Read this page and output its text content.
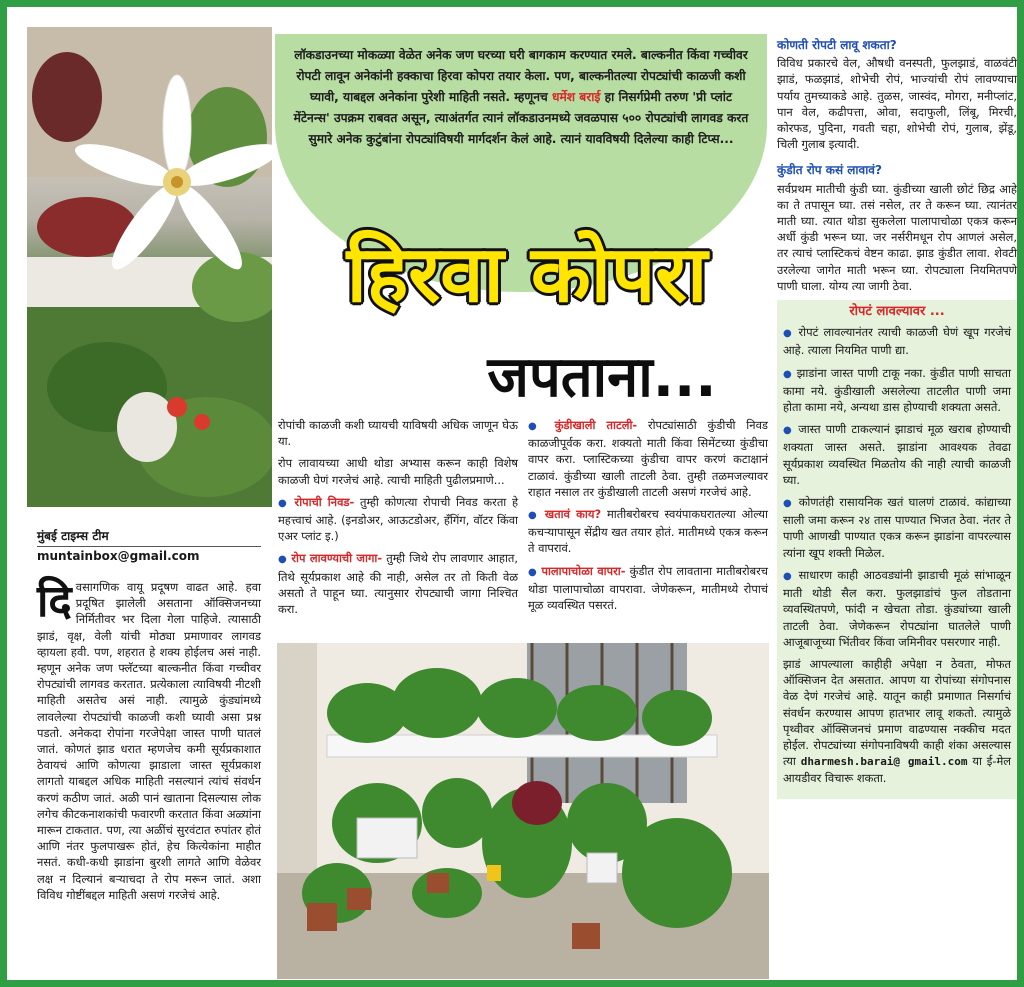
लॉकडाउनच्या मोकळ्या वेळेत अनेक जण घरच्या घरी बागकाम करण्यात रमले. बाल्कनीत किंवा गच्चीवर रोपटी लावून अनेकांनी हक्काचा हिरवा कोपरा तयार केला. पण, बाल्कनीतल्या रोपट्यांची काळजी कशी घ्यावी, याबद्दल अनेकांना पुरेशी माहिती नसते. म्हणूनच धर्मेश बराई हा निसर्गप्रेमी तरुण 'प्री प्लांट मेंटेनन्स' उपक्रम राबवत असून, त्याअंतर्गत त्यानं लॉकडाउनमध्ये जवळपास ५०० रोपट्यांची लागवड करत सुमारे अनेक कुटुंबांना रोपट्यांविषयी मार्गदर्शन केलं आहे. त्यानं यावविषयी दिलेल्या काही टिप्स...
हिरवा कोपरा
जपताना...
मुंबई टाइम्स टीम
muntainbox@gmail.com
दि वसागणिक वायू प्रदूषण वाढत आहे. हवा प्रदूषित झालेली असताना ऑक्सिजनच्या निर्मितीवर भर दिला गेला पाहिजे. त्यासाठी झाडं, वृक्ष, वेली यांची मोठ्या प्रमाणावर लागवड व्हायला हवी. पण, शहरात हे शक्य होईलच असं नाही. म्हणून अनेक जण फ्लॅटच्या बाल्कनीत किंवा गच्चीवर रोपट्यांची लागवड करतात. प्रत्येकाला त्याविषयी नीटशी माहिती असतेच असं नाही. त्यामुळे कुंड्यांमध्ये लावलेल्या रोपट्यांची काळजी कशी घ्यावी असा प्रश्न पडतो. अनेकदा रोपांना गरजेपेक्षा जास्त पाणी घातलं जातं. कोणतं झाड धरात म्हणजेच कमी सूर्यप्रकाशात ठेवायचं आणि कोणत्या झाडाला जास्त सूर्यप्रकाश लागतो याबद्दल अधिक माहिती नसल्यानं त्यांचं संवर्धन करणं कठीण जातं. अळी पानं खाताना दिसल्यास लोक लगेच कीटकनाशकांची फवारणी करतात किंवा अळ्यांना मारून टाकतात. पण, त्या अळींचं सुरवंटात रुपांतर होतं आणि नंतर फुलपाखरू होतं, हेच कित्येकांना माहीत नसतं. कधी-कधी झाडांना बुरशी लागते आणि वेळेवर लक्ष न दिल्यानं बऱ्याचदा ते रोप मरून जातं. अशा विविध गोष्टींबद्दल माहिती असणं गरजेचं आहे.
रोपांची काळजी कशी घ्यायची याविषयी अधिक जाणून घेऊ या.
रोप लावायच्या आधी थोडा अभ्यास करून काही विशेष काळजी घेणं गरजेचं आहे. त्याची माहिती पुढीलप्रमाणे...
● रोपाची निवड- तुम्ही कोणत्या रोपाची निवड करता हे महत्त्वाचं आहे. (इनडोअर, आऊटडोअर, हँगिंग, वॉटर किंवा एअर प्लांट इ.)
● रोप लावण्याची जागा- तुम्ही जिथे रोप लावणार आहात, तिथे सूर्यप्रकाश आहे की नाही, असेल तर तो किती वेळ असतो ते पाहून घ्या. त्यानुसार रोपट्याची जागा निश्चित करा.
● कुंडीखाली ताटली- रोपट्यांसाठी कुंडीची निवड काळजीपूर्वक करा. शक्यतो माती किंवा सिमेंटच्या कुंडीचा वापर करा. प्लास्टिकच्या कुंडीचा वापर करणं कटाक्षानं टाळावं. कुंडीच्या खाली ताटली ठेवा. तुम्ही तळमजल्यावर राहात नसाल तर कुंडीखाली ताटली असणं गरजेचं आहे.
● खतावं काय? मातीबरोबरच स्वयंपाकघरातल्या ओल्या कचऱ्यापासून सेंद्रीय खत तयार होतं. मातीमध्ये एकत्र करून ते वापरावं.
● पालापाचोळा वापरा- कुंडीत रोप लावताना मातीबरोबरच थोडा पालापाचोळा वापरावा. जेणेकरून, मातीमध्ये रोपाचं मूळ व्यवस्थित पसरतं.
कोणती रोपटी लावू शकता?
विविध प्रकारचे वेल, औषधी वनस्पती, फुलझाडं, वाळवंटी झाडं, फळझाडं, शोभेची रोपं, भाज्यांची रोपं लावण्याचा पर्याय तुमच्याकडे आहे. तुळस, जास्वंद, मोगरा, मनीप्लांट, पान वेल, कढीपत्ता, ओवा, सदाफुली, लिंबू, मिरची, कोरफड, पुदिना, गवती चहा, शोभेची रोपं, गुलाब, झेंडू, चिली गुलाब इत्यादी.
कुंडीत रोप कसं लावावं?
सर्वप्रथम मातीची कुंडी घ्या. कुंडीच्या खाली छोटं छिद्र आहे का ते तपासून घ्या. तसं नसेल, तर ते करून घ्या. त्यानंतर माती घ्या. त्यात थोडा सुकलेला पालापाचोळा एकत्र करून अर्धी कुंडी भरून घ्या. जर नर्सरीमधून रोप आणलं असेल, तर त्याचं प्लास्टिकचं वेष्टन काढा. झाड कुंडीत लावा. शेवटी उरलेल्या जागेत माती भरून घ्या. रोपट्याला नियमितपणे पाणी घाला. योग्य त्या जागी ठेवा.
रोपटं लावल्यावर ...
● रोपटं लावल्यानंतर त्याची काळजी घेणं खूप गरजेचं आहे. त्याला नियमित पाणी द्या.
● झाडांना जास्त पाणी टाकू नका. कुंडीत पाणी साचता कामा नये. कुंडीखाली असलेल्या ताटलीत पाणी जमा होता कामा नये, अन्यथा डास होण्याची शक्यता असते.
● जास्त पाणी टाकल्यानं झाडाचं मूळ खराब होण्याची शक्यता जास्त असते. झाडांना आवश्यक तेवढा सूर्यप्रकाश व्यवस्थित मिळतोय की नाही त्याची काळजी घ्या.
● कोणतंही रासायनिक खतं घालणं टाळावं. कांद्याच्या साली जमा करून २४ तास पाण्यात भिजत ठेवा. नंतर ते पाणी आणखी पाण्यात एकत्र करून झाडांना वापरल्यास त्यांना खूप शक्ती मिळेल.
● साधारण काही आठवड्यांनी झाडाची मूळं सांभाळून माती थोडी सैल करा. फुलझाडांचं फुल तोडताना व्यवस्थितपणे, फांदी न खेचता तोडा. कुंड्यांच्या खाली ताटली ठेवा. जेणेकरून रोपट्यांना घातलेले पाणी आजूबाजूच्या भिंतीवर किंवा जमिनीवर पसरणार नाही.
झाडं आपल्याला काहीही अपेक्षा न ठेवता, मोफत ऑक्सिजन देत असतात. आपण या रोपांच्या संगोपनास वेळ देणं गरजेचं आहे. यातून काही प्रमाणात निसर्गाचं संवर्धन करण्यास आपण हातभार लावू शकतो. त्यामुळे पृथ्वीवर ऑक्सिजनचं प्रमाण वाढण्यास नक्कीच मदत होईल. रोपट्यांच्या संगोपनाविषयी काही शंका असल्यास त्या dharmesh.barai@ gmail.com या ई-मेल आयडीवर विचारू शकता.
